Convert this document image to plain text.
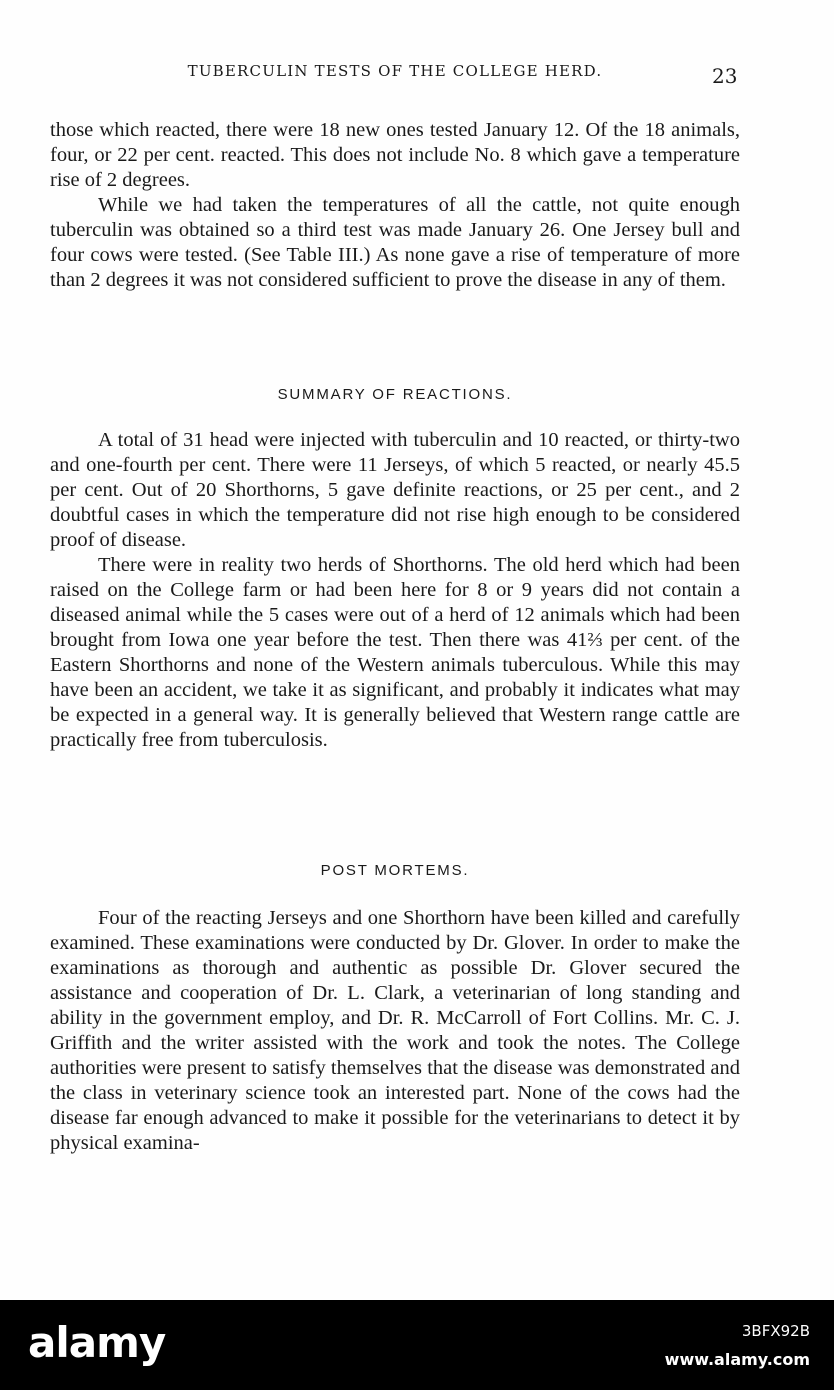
TUBERCULIN TESTS OF THE COLLEGE HERD.	23

those which reacted, there were 18 new ones tested January 12. Of the 18 animals, four, or 22 per cent. reacted. This does not include No. 8 which gave a temperature rise of 2 degrees.

While we had taken the temperatures of all the cattle, not quite enough tuberculin was obtained so a third test was made January 26. One Jersey bull and four cows were tested. (See Table III.) As none gave a rise of temperature of more than 2 degrees it was not considered sufficient to prove the disease in any of them.

SUMMARY OF REACTIONS.

A total of 31 head were injected with tuberculin and 10 reacted, or thirty-two and one-fourth per cent. There were 11 Jerseys, of which 5 reacted, or nearly 45.5 per cent. Out of 20 Shorthorns, 5 gave definite reactions, or 25 per cent., and 2 doubtful cases in which the temperature did not rise high enough to be considered proof of disease.

There were in reality two herds of Shorthorns. The old herd which had been raised on the College farm or had been here for 8 or 9 years did not contain a diseased animal while the 5 cases were out of a herd of 12 animals which had been brought from Iowa one year before the test. Then there was 41⅔ per cent. of the Eastern Shorthorns and none of the Western animals tuberculous. While this may have been an accident, we take it as significant, and probably it indicates what may be expected in a general way. It is generally believed that Western range cattle are practically free from tuberculosis.

POST MORTEMS.

Four of the reacting Jerseys and one Shorthorn have been killed and carefully examined. These examinations were conducted by Dr. Glover. In order to make the examinations as thorough and authentic as possible Dr. Glover secured the assistance and cooperation of Dr. L. Clark, a veterinarian of long standing and ability in the government employ, and Dr. R. McCarroll of Fort Collins. Mr. C. J. Griffith and the writer assisted with the work and took the notes. The College authorities were present to satisfy themselves that the disease was demonstrated and the class in veterinary science took an interested part. None of the cows had the disease far enough advanced to make it possible for the veterinarians to detect it by physical examina-

alamy	3BFX92B
www.alamy.com
